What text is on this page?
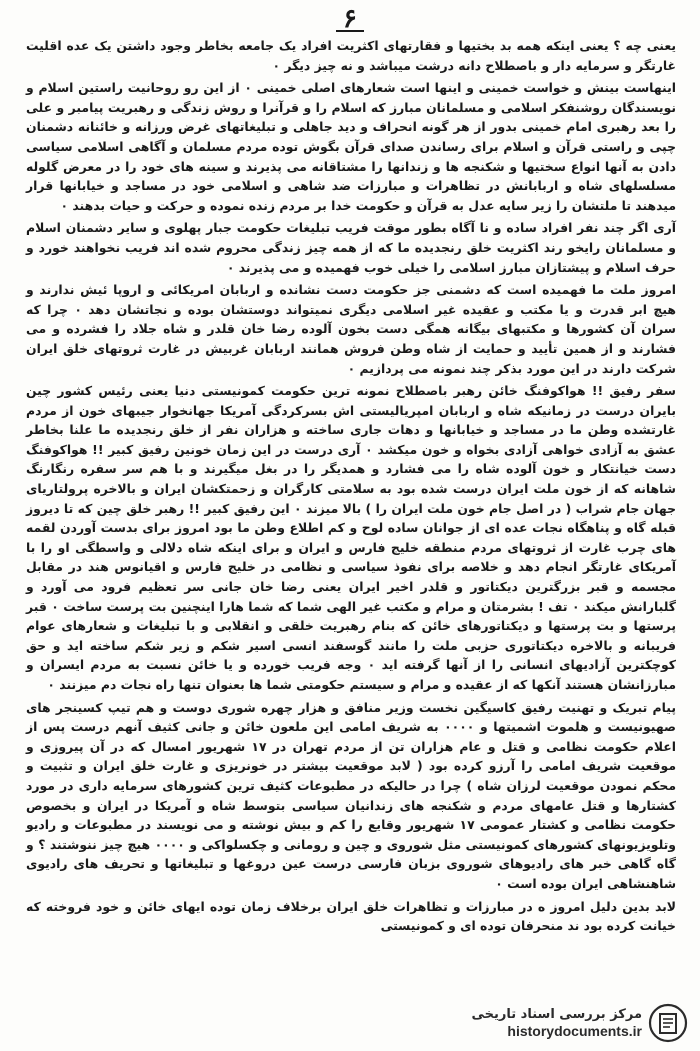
۶

یعنی چه ؟ یعنی اینکه همه بد بختیها و فقارتهای اکثریت افراد یک جامعه بخاطر وجود داشتن یک عده اقلیت غارتگر و سرمایه دار و باصطلاح دانه درشت میباشد و نه چیز دیگر ۰

اینهاست بینش و خواست خمینی و اینها است شعارهای اصلی خمینی ۰ از این رو روحانیت راستین اسلام و نویسندگان روشنفکر اسلامی و مسلمانان مبارز که اسلام را و قرآنرا و روش زندگی و رهبریت پیامبر و علی را بعد رهبری امام خمینی بدور از هر گونه انحراف و دید جاهلی و تبلیغاتهای غرض ورزانه و خائنانه دشمنان چپی و راستی قرآن و اسلام برای رساندن صدای قرآن بگوش توده مردم مسلمان و آگاهی اسلامی سیاسی دادن به آنها انواع سختیها و شکنجه ها و زندانها را مشتاقانه می پذیرند و سینه های خود را در معرض گلوله مسلسلهای شاه و اربابانش در تظاهرات و مبارزات ضد شاهی و اسلامی خود در مساجد و خیابانها قرار میدهند تا ملتشان را زیر سایه عدل به قرآن و حکومت خدا بر مردم زنده نموده و حرکت و حیات بدهند ۰

آری اگر چند نفر افراد ساده و نا آگاه بطور موقت فریب تبلیغات حکومت جبار پهلوی و سایر دشمنان اسلام و مسلمانان رایخو رند اکثریت خلق رنجدیده ما که از همه چیز زندگی محروم شده اند فریب نخواهند خورد و حرف اسلام و پیشتازان مبارز اسلامی را خیلی خوب فهمیده و می پذیرند ۰

امروز ملت ما فهمیده است که دشمنی جز حکومت دست نشانده و اربابان امریکائی و اروپا ئیش ندارند و هیچ ابر قدرت و یا مکتب و عقیده غیر اسلامی دیگری نمیتواند دوستشان بوده و نجاتشان دهد ۰ چرا که سران آن کشورها و مکتبهای بیگانه همگی دست بخون آلوده رضا خان قلدر و شاه جلاد را فشرده و می فشارند و از همین تأیید و حمایت از شاه وطن فروش همانند اربابان غربیش در غارت ثروتهای خلق ایران شرکت دارند در این مورد بذکر چند نمونه می پردازیم ۰

سفر رفیق !! هواکوفنگ خائن رهبر باصطلاح نمونه ترین حکومت کمونیستی دنیا یعنی رئیس کشور چین بایران درست در زمانیکه شاه و اربابان امپریالیستی اش بسرکردگی آمریکا جهانخوار جیبهای خون از مردم غارتشده وطن ما در مساجد و خیابانها و دهات جاری ساخته و هزاران نفر از خلق رنجدیده ما علنا بخاطر عشق به آزادی خواهی آزادی بخواه و خون میکشد ۰ آری درست در این زمان خونین رفیق کبیر !! هواکوفنگ دست خیانتکار و خون آلوده شاه را می فشارد و همدیگر را در بغل میگیرند و با هم سر سفره رنگارنگ شاهانه که از خون ملت ایران درست شده بود به سلامتی کارگران و زحمتکشان ایران و بالاخره پرولتاریای جهان جام شراب ( در اصل جام خون ملت ایران را ) بالا میزند ۰ این رفیق کبیر !! رهبر خلق چین که تا دیروز قبله گاه و پناهگاه نجات عده ای از جوانان ساده لوح و کم اطلاع وطن ما بود امروز برای بدست آوردن لقمه های چرب غارت از ثروتهای مردم منطقه خلیج فارس و ایران و برای اینکه شاه دلالی و واسطگی او را با آمریکای غارتگر انجام دهد و خلاصه برای نفوذ سیاسی و نظامی در خلیج فارس و اقیانوس هند در مقابل مجسمه و قبر بزرگترین دیکتاتور و قلدر اخیر ایران یعنی رضا خان جانی سر تعظیم فرود می آورد و گلبارانش میکند ۰ تف ! بشرمتان و مرام و مکتب غیر الهی شما که شما هارا اینچنین بت پرست ساخت ۰ قبر پرستها و بت پرستها و دیکتاتورهای خائن که بنام رهبریت خلقی و انقلابی و با تبلیغات و شعارهای عوام فریبانه و بالاخره دیکتاتوری حزبی ملت را مانند گوسفند انسی اسیر شکم و زیر شکم ساخته اید و حق کوچکترین آزادیهای انسانی را از آنها گرفته اید ۰ وجه فریب خورده و یا خائن نسبت به مردم ایسران و مبارزانشان هستند آنکها که از عقیده و مرام و سیستم حکومتی شما ها بعنوان تنها راه نجات دم میزنند ۰

پیام تبریک و تهنیت رفیق کاسیگین نخست وزیر منافق و هزار چهره شوری دوست و هم تیپ کسینجر های صهیونیست و هلموت اشمیتها و ۰۰۰۰ به شریف امامی این ملعون خائن و جانی کثیف آنهم درست پس از اعلام حکومت نظامی و قتل و عام هزاران تن از مردم تهران در ۱۷ شهریور امسال که در آن پیروزی و موقعیت شریف امامی را آرزو کرده بود ( لابد موقعیت بیشتر در خونریزی و غارت خلق ایران و تثبیت و محکم نمودن موقعیت لرزان شاه ) چرا در حالیکه در مطبوعات کثیف ترین کشورهای سرمایه داری در مورد کشتارها و قتل عامهای مردم و شکنجه های زندانیان سیاسی بتوسط شاه و آمریکا در ایران و بخصوص حکومت نظامی و کشتار عمومی ۱۷ شهریور وقایع را کم و بیش نوشته و می نویسند در مطبوعات و رادیو وتلویزیونهای کشورهای کمونیستی مثل شوروی و چین و رومانی و چکسلواکی و ۰۰۰۰ هیچ چیز ننوشتند ؟ و گاه گاهی خبر های رادیوهای شوروی بزبان فارسی درست عین دروغها و تبلیغاتها و تحریف های رادیوی شاهنشاهی ایران بوده است ۰

لابد بدین دلیل امروز ه در مبارزات و تظاهرات خلق ایران برخلاف زمان توده ایهای خائن و خود فروخته که خیانت کرده بود ند منحرفان توده ای و کمونیستی

مرکز بررسی اسناد تاریخی
historydocuments.ir
